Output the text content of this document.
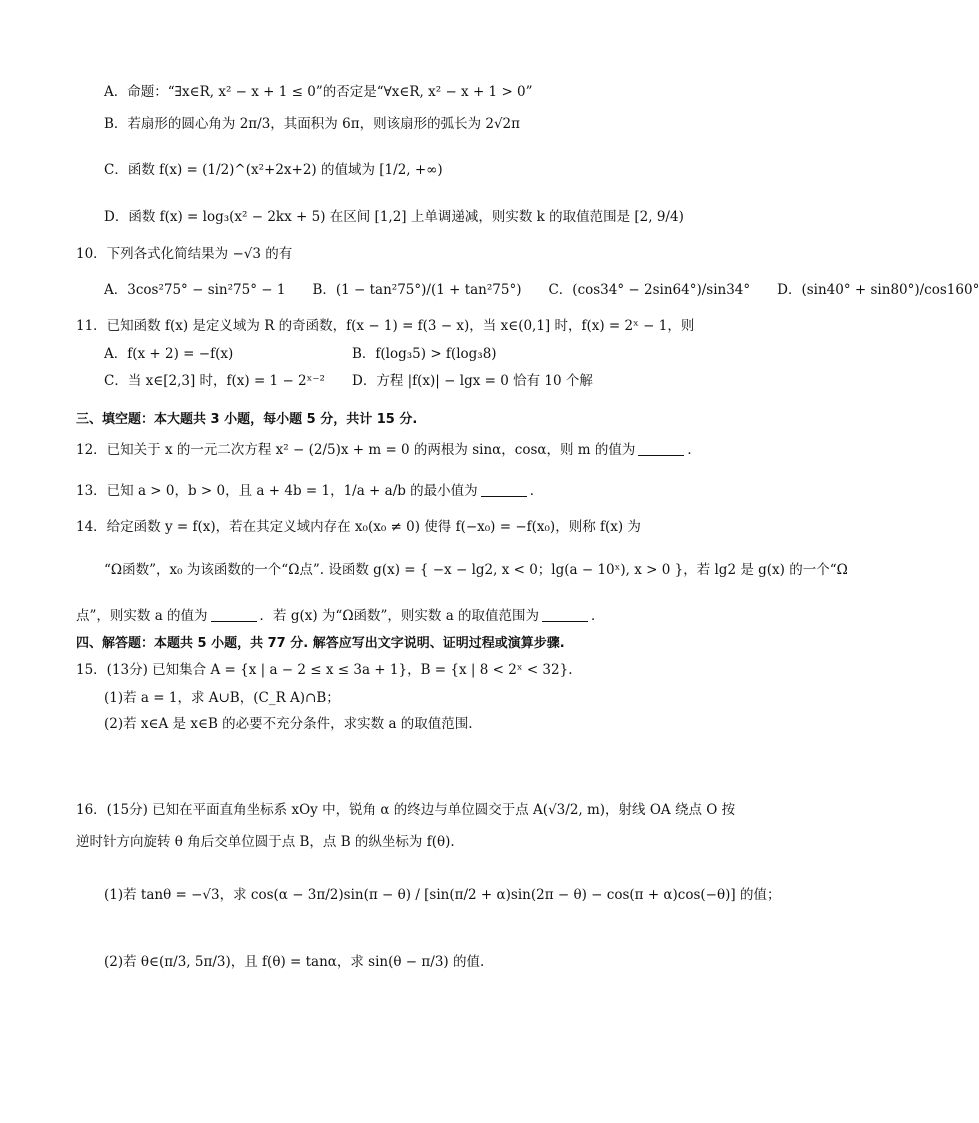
A．命题：“∃x∈R, x² − x + 1 ≤ 0”的否定是“∀x∈R, x² − x + 1 > 0”
B．若扇形的圆心角为 2π/3，其面积为 6π，则该扇形的弧长为 2√2π
C．函数 f(x) = (1/2)^(x²+2x+2) 的值域为 [1/2, +∞)
D．函数 f(x) = log₃(x² − 2kx + 5) 在区间 [1,2] 上单调递减，则实数 k 的取值范围是 [2, 9/4)
10．下列各式化简结果为 −√3 的有
A．3cos²75° − sin²75° − 1　　B．(1 − tan²75°)/(1 + tan²75°)　　C．(cos34° − 2sin64°)/sin34°　　D．(sin40° + sin80°)/cos160°
11．已知函数 f(x) 是定义域为 R 的奇函数，f(x − 1) = f(3 − x)，当 x∈(0,1] 时，f(x) = 2ˣ − 1，则
A．f(x + 2) = −f(x)	B．f(log₃5) > f(log₃8)
C．当 x∈[2,3] 时，f(x) = 1 − 2ˣ⁻² D．方程 |f(x)| − lgx = 0 恰有 10 个解
三、填空题：本大题共 3 小题，每小题 5 分，共计 15 分.
12．已知关于 x 的一元二次方程 x² − (2/5)x + m = 0 的两根为 sinα，cosα，则 m 的值为	．
13．已知 a > 0，b > 0，且 a + 4b = 1，1/a + a/b 的最小值为	．
14．给定函数 y = f(x)，若在其定义域内存在 x₀(x₀ ≠ 0) 使得 f(−x₀) = −f(x₀)，则称 f(x) 为
“Ω函数”，x₀ 为该函数的一个“Ω点”. 设函数 g(x) = { −x − lg2, x < 0；lg(a − 10ˣ), x > 0 }，若 lg2 是 g(x) 的一个“Ω
点”，则实数 a 的值为	．若 g(x) 为“Ω函数”，则实数 a 的取值范围为	．
四、解答题：本题共 5 小题，共 77 分. 解答应写出文字说明、证明过程或演算步骤.
15．(13分) 已知集合 A = {x | a − 2 ≤ x ≤ 3a + 1}，B = {x | 8 < 2ˣ < 32}.
(1)若 a = 1，求 A∪B，(C_R A)∩B；
(2)若 x∈A 是 x∈B 的必要不充分条件，求实数 a 的取值范围.
16．(15分) 已知在平面直角坐标系 xOy 中，锐角 α 的终边与单位圆交于点 A(√3/2, m)，射线 OA 绕点 O 按
逆时针方向旋转 θ 角后交单位圆于点 B，点 B 的纵坐标为 f(θ).
(1)若 tanθ = −√3，求 cos(α − 3π/2)sin(π − θ) / [sin(π/2 + α)sin(2π − θ) − cos(π + α)cos(−θ)] 的值；
(2)若 θ∈(π/3, 5π/3)，且 f(θ) = tanα，求 sin(θ − π/3) 的值.
